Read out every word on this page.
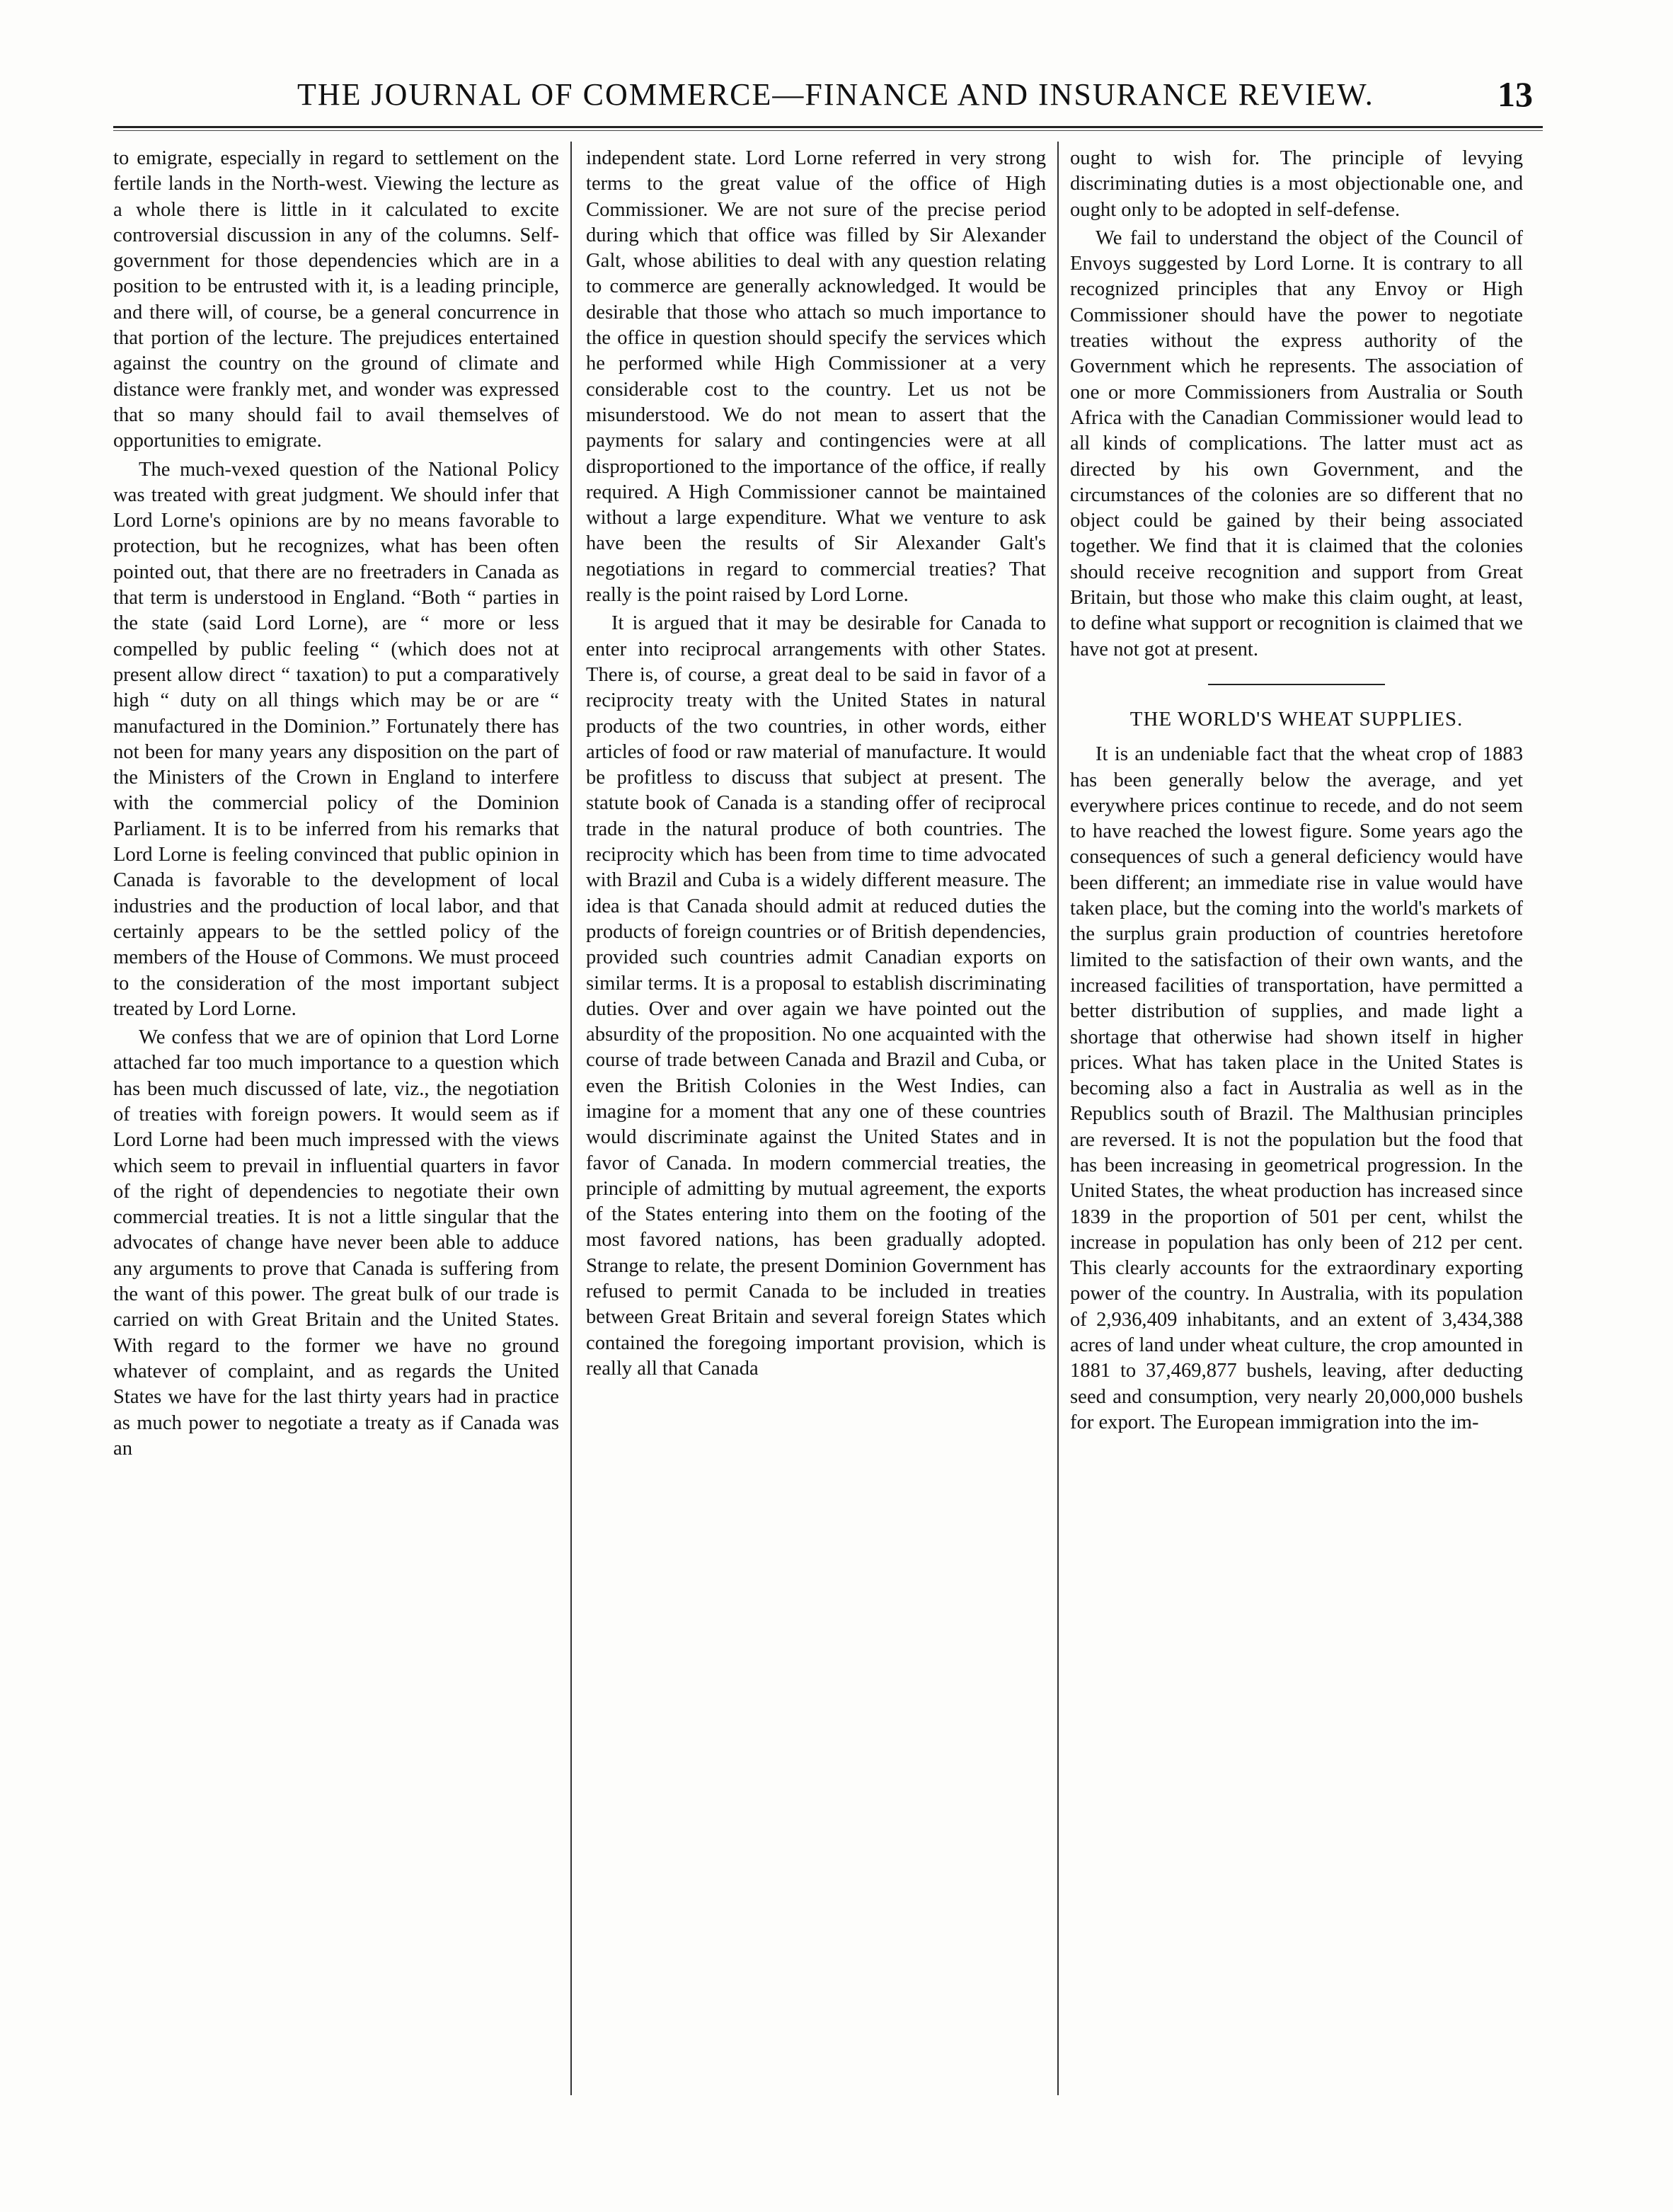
THE JOURNAL OF COMMERCE—FINANCE AND INSURANCE REVIEW.	13

to emigrate, especially in regard to settlement on the fertile lands in the North-west. Viewing the lecture as a whole there is little in it calculated to excite controversial discussion in any of the columns. Self-government for those dependencies which are in a position to be entrusted with it, is a leading principle, and there will, of course, be a general concurrence in that portion of the lecture. The prejudices entertained against the country on the ground of climate and distance were frankly met, and wonder was expressed that so many should fail to avail themselves of opportunities to emigrate.

The much-vexed question of the National Policy was treated with great judgment. We should infer that Lord Lorne's opinions are by no means favorable to protection, but he recognizes, what has been often pointed out, that there are no freetraders in Canada as that term is understood in England. “Both “ parties in the state (said Lord Lorne), are “ more or less compelled by public feeling “ (which does not at present allow direct “ taxation) to put a comparatively high “ duty on all things which may be or are “ manufactured in the Dominion.” Fortunately there has not been for many years any disposition on the part of the Ministers of the Crown in England to interfere with the commercial policy of the Dominion Parliament. It is to be inferred from his remarks that Lord Lorne is feeling convinced that public opinion in Canada is favorable to the development of local industries and the production of local labor, and that certainly appears to be the settled policy of the members of the House of Commons. We must proceed to the consideration of the most important subject treated by Lord Lorne.

We confess that we are of opinion that Lord Lorne attached far too much importance to a question which has been much discussed of late, viz., the negotiation of treaties with foreign powers. It would seem as if Lord Lorne had been much impressed with the views which seem to prevail in influential quarters in favor of the right of dependencies to negotiate their own commercial treaties. It is not a little singular that the advocates of change have never been able to adduce any arguments to prove that Canada is suffering from the want of this power. The great bulk of our trade is carried on with Great Britain and the United States. With regard to the former we have no ground whatever of complaint, and as regards the United States we have for the last thirty years had in practice as much power to negotiate a treaty as if Canada was an

independent state. Lord Lorne referred in very strong terms to the great value of the office of High Commissioner. We are not sure of the precise period during which that office was filled by Sir Alexander Galt, whose abilities to deal with any question relating to commerce are generally acknowledged. It would be desirable that those who attach so much importance to the office in question should specify the services which he performed while High Commissioner at a very considerable cost to the country. Let us not be misunderstood. We do not mean to assert that the payments for salary and contingencies were at all disproportioned to the importance of the office, if really required. A High Commissioner cannot be maintained without a large expenditure. What we venture to ask have been the results of Sir Alexander Galt's negotiations in regard to commercial treaties? That really is the point raised by Lord Lorne.

It is argued that it may be desirable for Canada to enter into reciprocal arrangements with other States. There is, of course, a great deal to be said in favor of a reciprocity treaty with the United States in natural products of the two countries, in other words, either articles of food or raw material of manufacture. It would be profitless to discuss that subject at present. The statute book of Canada is a standing offer of reciprocal trade in the natural produce of both countries. The reciprocity which has been from time to time advocated with Brazil and Cuba is a widely different measure. The idea is that Canada should admit at reduced duties the products of foreign countries or of British dependencies, provided such countries admit Canadian exports on similar terms. It is a proposal to establish discriminating duties. Over and over again we have pointed out the absurdity of the proposition. No one acquainted with the course of trade between Canada and Brazil and Cuba, or even the British Colonies in the West Indies, can imagine for a moment that any one of these countries would discriminate against the United States and in favor of Canada. In modern commercial treaties, the principle of admitting by mutual agreement, the exports of the States entering into them on the footing of the most favored nations, has been gradually adopted. Strange to relate, the present Dominion Government has refused to permit Canada to be included in treaties between Great Britain and several foreign States which contained the foregoing important provision, which is really all that Canada

ought to wish for. The principle of levying discriminating duties is a most objectionable one, and ought only to be adopted in self-defense.

We fail to understand the object of the Council of Envoys suggested by Lord Lorne. It is contrary to all recognized principles that any Envoy or High Commissioner should have the power to negotiate treaties without the express authority of the Government which he represents. The association of one or more Commissioners from Australia or South Africa with the Canadian Commissioner would lead to all kinds of complications. The latter must act as directed by his own Government, and the circumstances of the colonies are so different that no object could be gained by their being associated together. We find that it is claimed that the colonies should receive recognition and support from Great Britain, but those who make this claim ought, at least, to define what support or recognition is claimed that we have not got at present.

THE WORLD'S WHEAT SUPPLIES.

It is an undeniable fact that the wheat crop of 1883 has been generally below the average, and yet everywhere prices continue to recede, and do not seem to have reached the lowest figure. Some years ago the consequences of such a general deficiency would have been different; an immediate rise in value would have taken place, but the coming into the world's markets of the surplus grain production of countries heretofore limited to the satisfaction of their own wants, and the increased facilities of transportation, have permitted a better distribution of supplies, and made light a shortage that otherwise had shown itself in higher prices. What has taken place in the United States is becoming also a fact in Australia as well as in the Republics south of Brazil. The Malthusian principles are reversed. It is not the population but the food that has been increasing in geometrical progression. In the United States, the wheat production has increased since 1839 in the proportion of 501 per cent, whilst the increase in population has only been of 212 per cent. This clearly accounts for the extraordinary exporting power of the country. In Australia, with its population of 2,936,409 inhabitants, and an extent of 3,434,388 acres of land under wheat culture, the crop amounted in 1881 to 37,469,877 bushels, leaving, after deducting seed and consumption, very nearly 20,000,000 bushels for export. The European immigration into the im-
